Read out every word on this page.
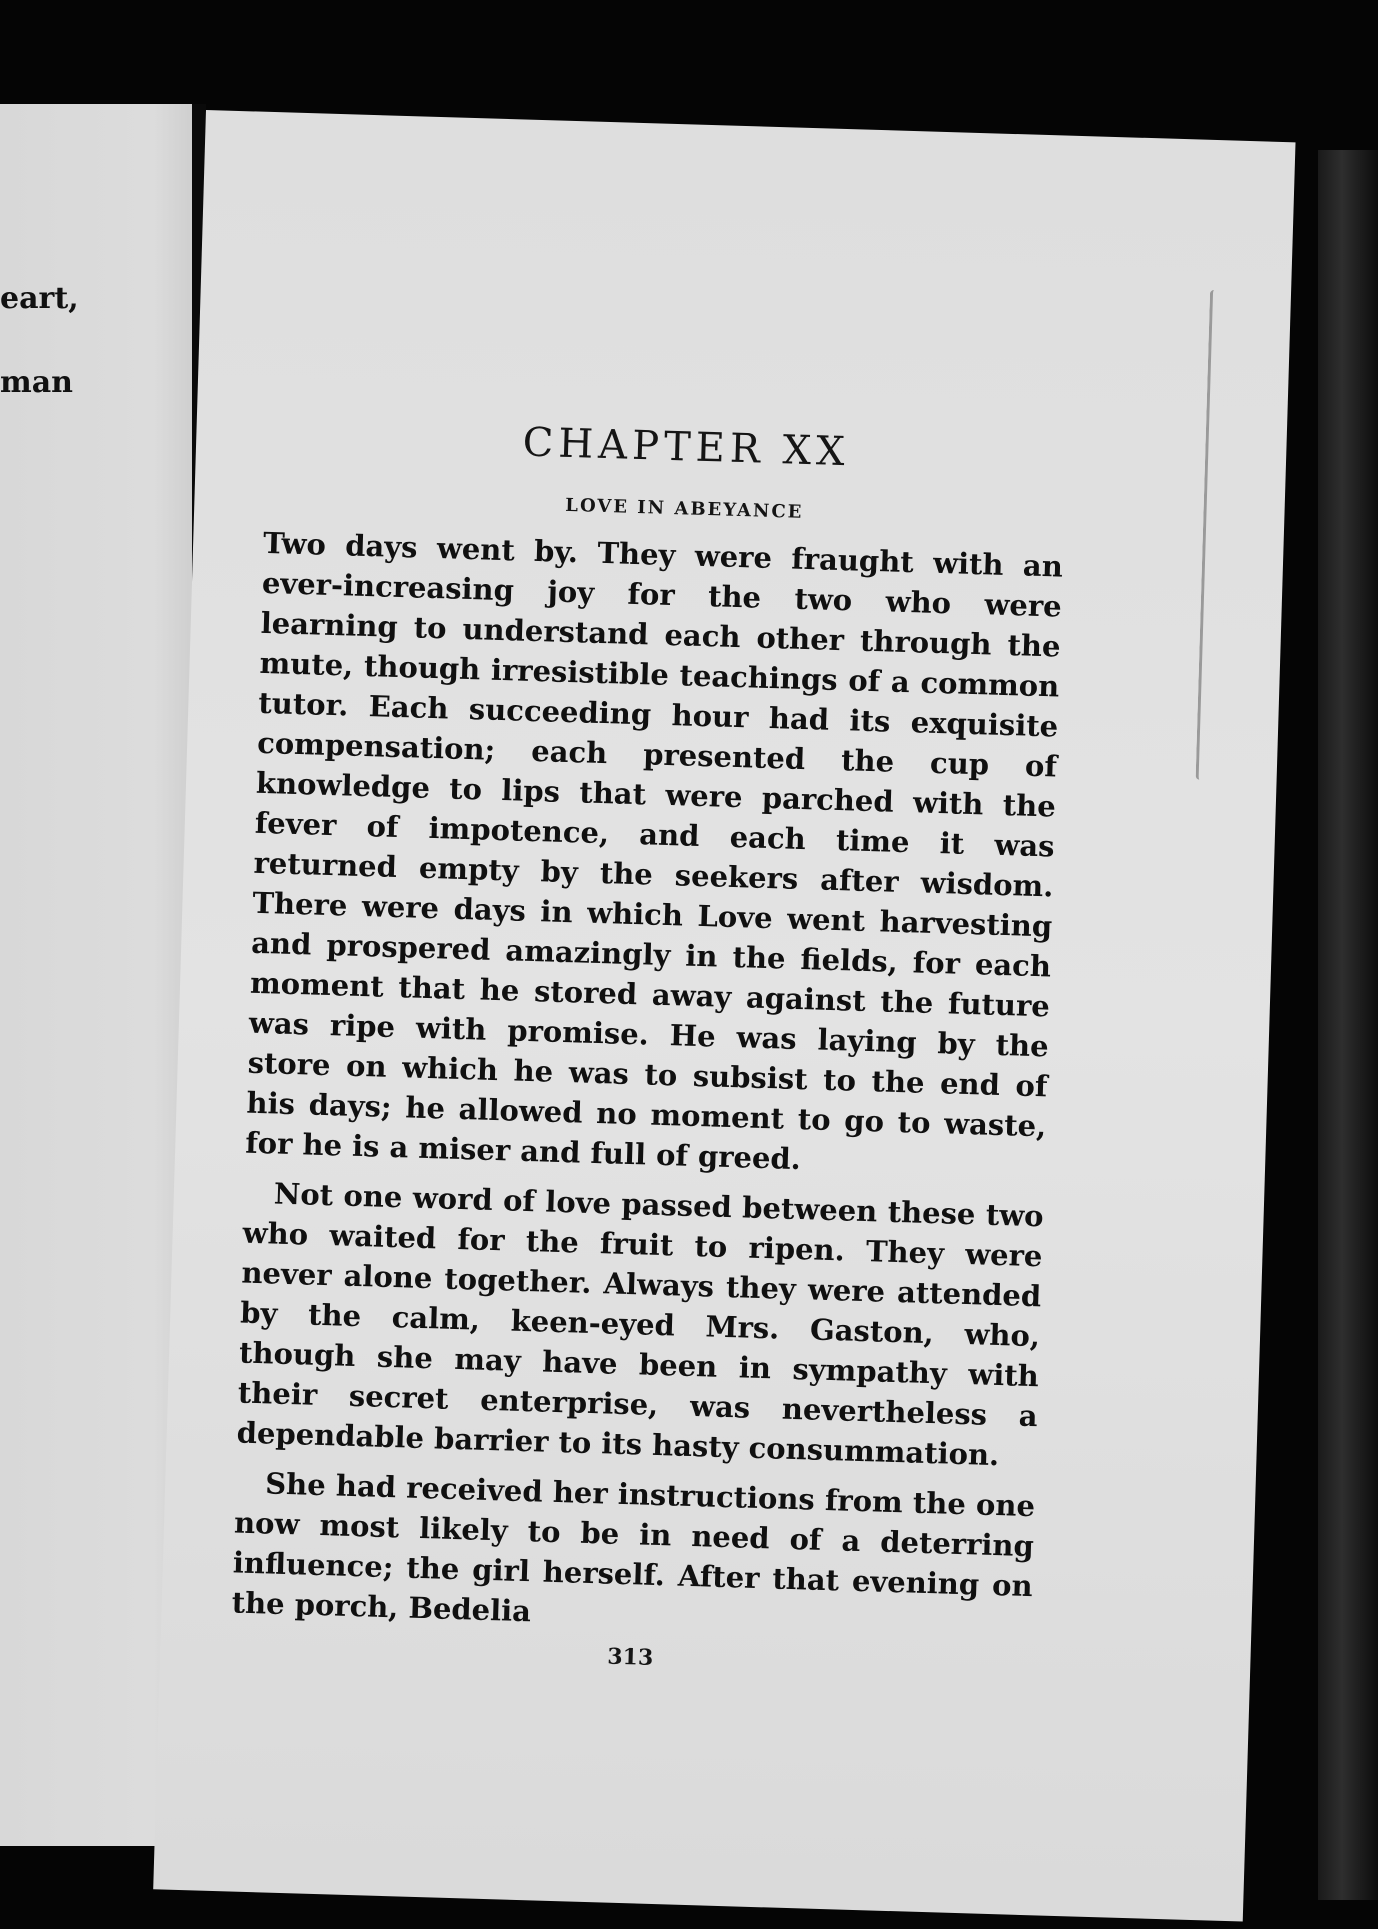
eart,
man
CHAPTER XX
LOVE IN ABEYANCE

Two days went by. They were fraught with an ever-increasing joy for the two who were learning to understand each other through the mute, though irresistible teachings of a common tutor. Each succeeding hour had its exquisite compensation; each presented the cup of knowledge to lips that were parched with the fever of impotence, and each time it was returned empty by the seekers after wisdom. There were days in which Love went harvesting and prospered amazingly in the fields, for each moment that he stored away against the future was ripe with promise. He was laying by the store on which he was to subsist to the end of his days; he allowed no moment to go to waste, for he is a miser and full of greed.

Not one word of love passed between these two who waited for the fruit to ripen. They were never alone together. Always they were attended by the calm, keen-eyed Mrs. Gaston, who, though she may have been in sympathy with their secret enterprise, was nevertheless a dependable barrier to its hasty consummation.

She had received her instructions from the one now most likely to be in need of a deterring influence; the girl herself. After that evening on the porch, Bedelia

313
